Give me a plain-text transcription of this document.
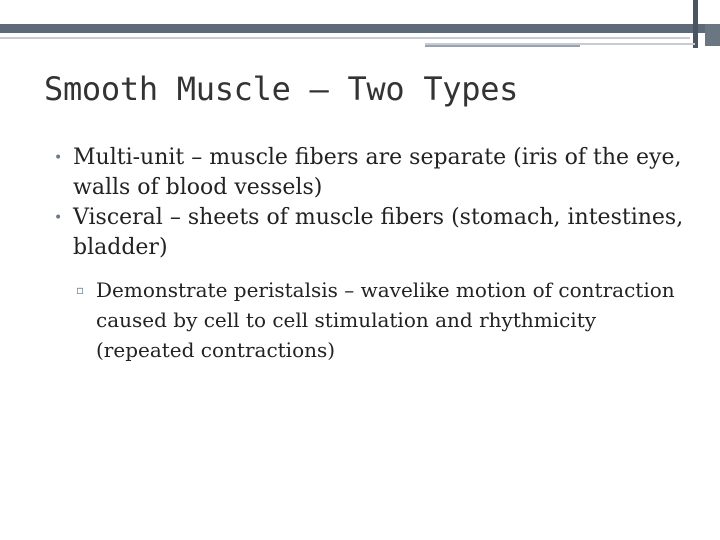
Smooth Muscle – Two Types
• Multi-unit – muscle fibers are separate (iris of the eye, walls of blood vessels)
• Visceral – sheets of muscle fibers (stomach, intestines, bladder)
▫ Demonstrate peristalsis – wavelike motion of contraction caused by cell to cell stimulation and rhythmicity (repeated contractions)
